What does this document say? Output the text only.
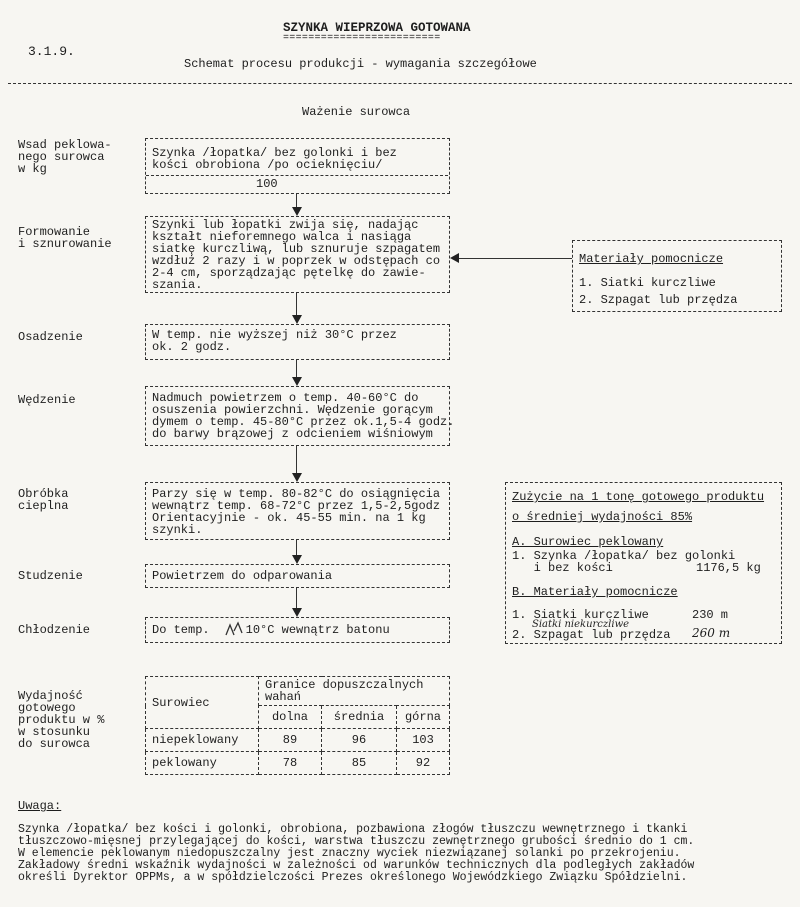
SZYNKA WIEPRZOWA GOTOWANA
=========================
3.1.9.
Schemat procesu produkcji - wymagania szczegółowe
Ważenie surowca
Wsad peklowa-
nego surowca
w kg
Formowanie
i sznurowanie
Osadzenie
Wędzenie
Obróbka
cieplna
Studzenie
Chłodzenie
Szynka /łopatka/ bez golonki i bez
kości obrobiona /po ocieknięciu/
100
Szynki lub łopatki zwija się, nadając
kształt nieforemnego walca i nasiąga
siatkę kurczliwą, lub sznuruje szpagatem
wzdłuż 2 razy i w poprzek w odstępach co
2-4 cm, sporządzając pętelkę do zawie-
szania.
W temp. nie wyższej niż 30°C przez
ok. 2 godz.
Nadmuch powietrzem o temp. 40-60°C do
osuszenia powierzchni. Wędzenie gorącym
dymem o temp. 45-80°C przez ok.1,5-4 godz.
do barwy brązowej z odcieniem wiśniowym
Parzy się w temp. 80-82°C do osiągnięcia
wewnątrz temp. 68-72°C przez 1,5-2,5godz
Orientacyjnie - ok. 45-55 min. na 1 kg
szynki.
Powietrzem do odparowania
Do temp.     10°C wewnątrz batonu
Materiały pomocnicze
1. Siatki kurczliwe
2. Szpagat lub przędza
Zużycie na 1 tonę gotowego produktu
o średniej wydajności 85%
A. Surowiec peklowany
1. Szynka /łopatka/ bez golonki
i bez kości	1176,5 kg
B. Materiały pomocnicze
1. Siatki kurczliwe	230 m
Siatki niekurczliwe
2. Szpagat lub przędza 260 m
Wydajność
gotowego
produktu w %
w stosunku
do surowca
Surowiec	Granice dopuszczalnych
wahań		
	dolna	średnia	górna
niepeklowany	89	96	103
peklowany	78	85	92
Uwaga:
Szynka /łopatka/ bez kości i golonki, obrobiona, pozbawiona złogów tłuszczu wewnętrznego i tkanki
tłuszczowo-mięsnej przylegającej do kości, warstwa tłuszczu zewnętrznego grubości średnio do 1 cm.
W elemencie peklowanym niedopuszczalny jest znaczny wyciek niezwiązanej solanki po przekrojeniu.
Zakładowy średni wskaźnik wydajności w zależności od warunków technicznych dla podległych zakładów
określi Dyrektor OPPMs, a w spółdzielczości Prezes określonego Wojewódzkiego Związku Spółdzielni.
